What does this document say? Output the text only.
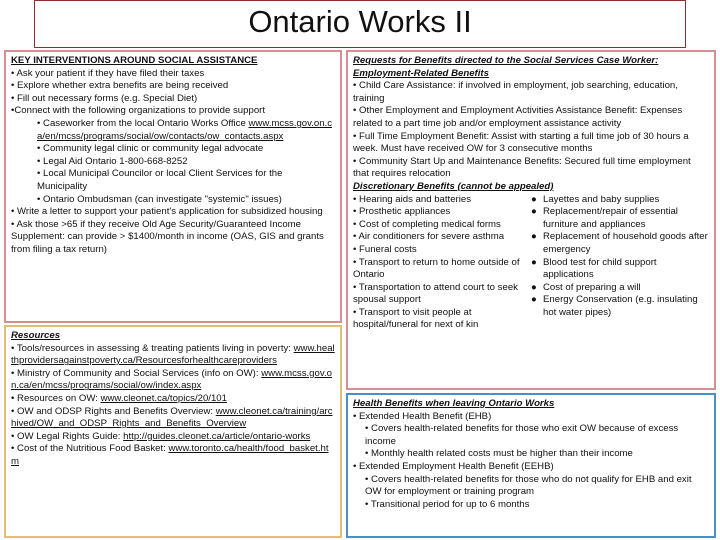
Ontario Works II
KEY INTERVENTIONS AROUND SOCIAL ASSISTANCE
• Ask your patient if they have filed their taxes
• Explore whether extra benefits are being received
• Fill out necessary forms (e.g. Special Diet)
•Connect with the following organizations to provide support
• Caseworker from the local Ontario Works Office www.mcss.gov.on.ca/en/mcss/programs/social/ow/contacts/ow_contacts.aspx
• Community legal clinic or community legal advocate
• Legal Aid Ontario 1-800-668-8252
• Local Municipal Councilor or local Client Services for the Municipality
• Ontario Ombudsman (can investigate "systemic" issues)
• Write a letter to support your patient's application for subsidized housing
• Ask those >65 if they receive Old Age Security/Guaranteed Income Supplement: can provide > $1400/month in income (OAS, GIS and grants from filing a tax return)
Resources
• Tools/resources in assessing & treating patients living in poverty: www.healthprovidersagainstpoverty.ca/Resourcesforhealthcareproviders
• Ministry of Community and Social Services (info on OW): www.mcss.gov.on.ca/en/mcss/programs/social/ow/index.aspx
• Resources on OW: www.cleonet.ca/topics/20/101
• OW and ODSP Rights and Benefits Overview: www.cleonet.ca/training/archived/OW_and_ODSP_Rights_and_Benefits_Overview
• OW Legal Rights Guide: http://guides.cleonet.ca/article/ontario-works
• Cost of the Nutritious Food Basket: www.toronto.ca/health/food_basket.htm
Requests for Benefits directed to the Social Services Case Worker:
Employment-Related Benefits
• Child Care Assistance: if involved in employment, job searching, education, training
• Other Employment and Employment Activities Assistance Benefit: Expenses related to a part time job and/or employment assistance activity
• Full Time Employment Benefit: Assist with starting a full time job of 30 hours a week. Must have received OW for 3 consecutive months
• Community Start Up and Maintenance Benefits: Secured full time employment that requires relocation
Discretionary Benefits (cannot be appealed)
• Hearing aids and batteries
• Prosthetic appliances
• Cost of completing medical forms
• Air conditioners for severe asthma
• Funeral costs
• Transport to return to home outside of Ontario
• Transportation to attend court to seek spousal support
• Transport to visit people at hospital/funeral for next of kin
● Layettes and baby supplies
● Replacement/repair of essential furniture and appliances
● Replacement of household goods after emergency
● Blood test for child support applications
● Cost of preparing a will
● Energy Conservation (e.g. insulating hot water pipes)
Health Benefits when leaving Ontario Works
• Extended Health Benefit (EHB)
• Covers health-related benefits for those who exit OW because of excess income
• Monthly health related costs must be higher than their income
• Extended Employment Health Benefit (EEHB)
• Covers health-related benefits for those who do not qualify for EHB and exit OW for employment or training program
• Transitional period for up to 6 months
